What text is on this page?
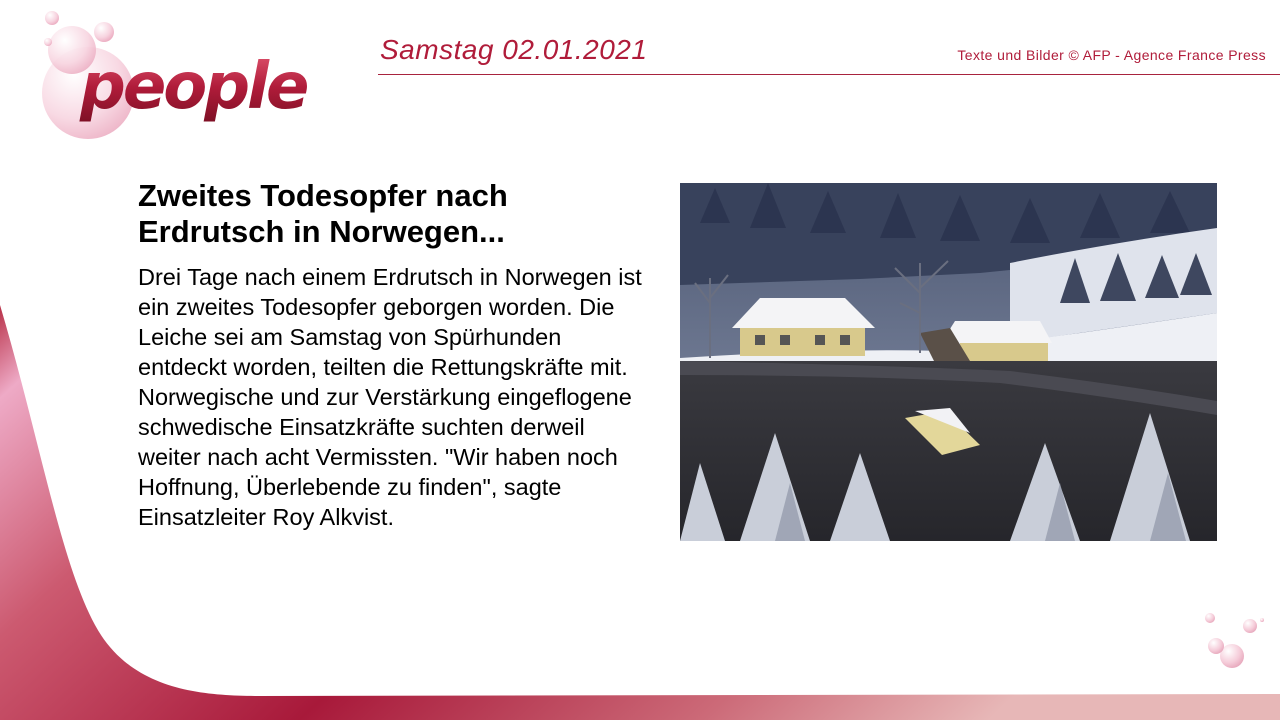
people
Samstag 02.01.2021	Texte und Bilder © AFP - Agence France Press
Zweites Todesopfer nach Erdrutsch in Norwegen...

Drei Tage nach einem Erdrutsch in Norwegen ist ein zweites Todesopfer geborgen worden. Die Leiche sei am Samstag von Spürhunden entdeckt worden, teilten die Rettungskräfte mit. Norwegische und zur Verstärkung eingeflogene schwedische Einsatzkräfte suchten derweil weiter nach acht Vermissten. "Wir haben noch Hoffnung, Überlebende zu finden", sagte Einsatzleiter Roy Alkvist.
